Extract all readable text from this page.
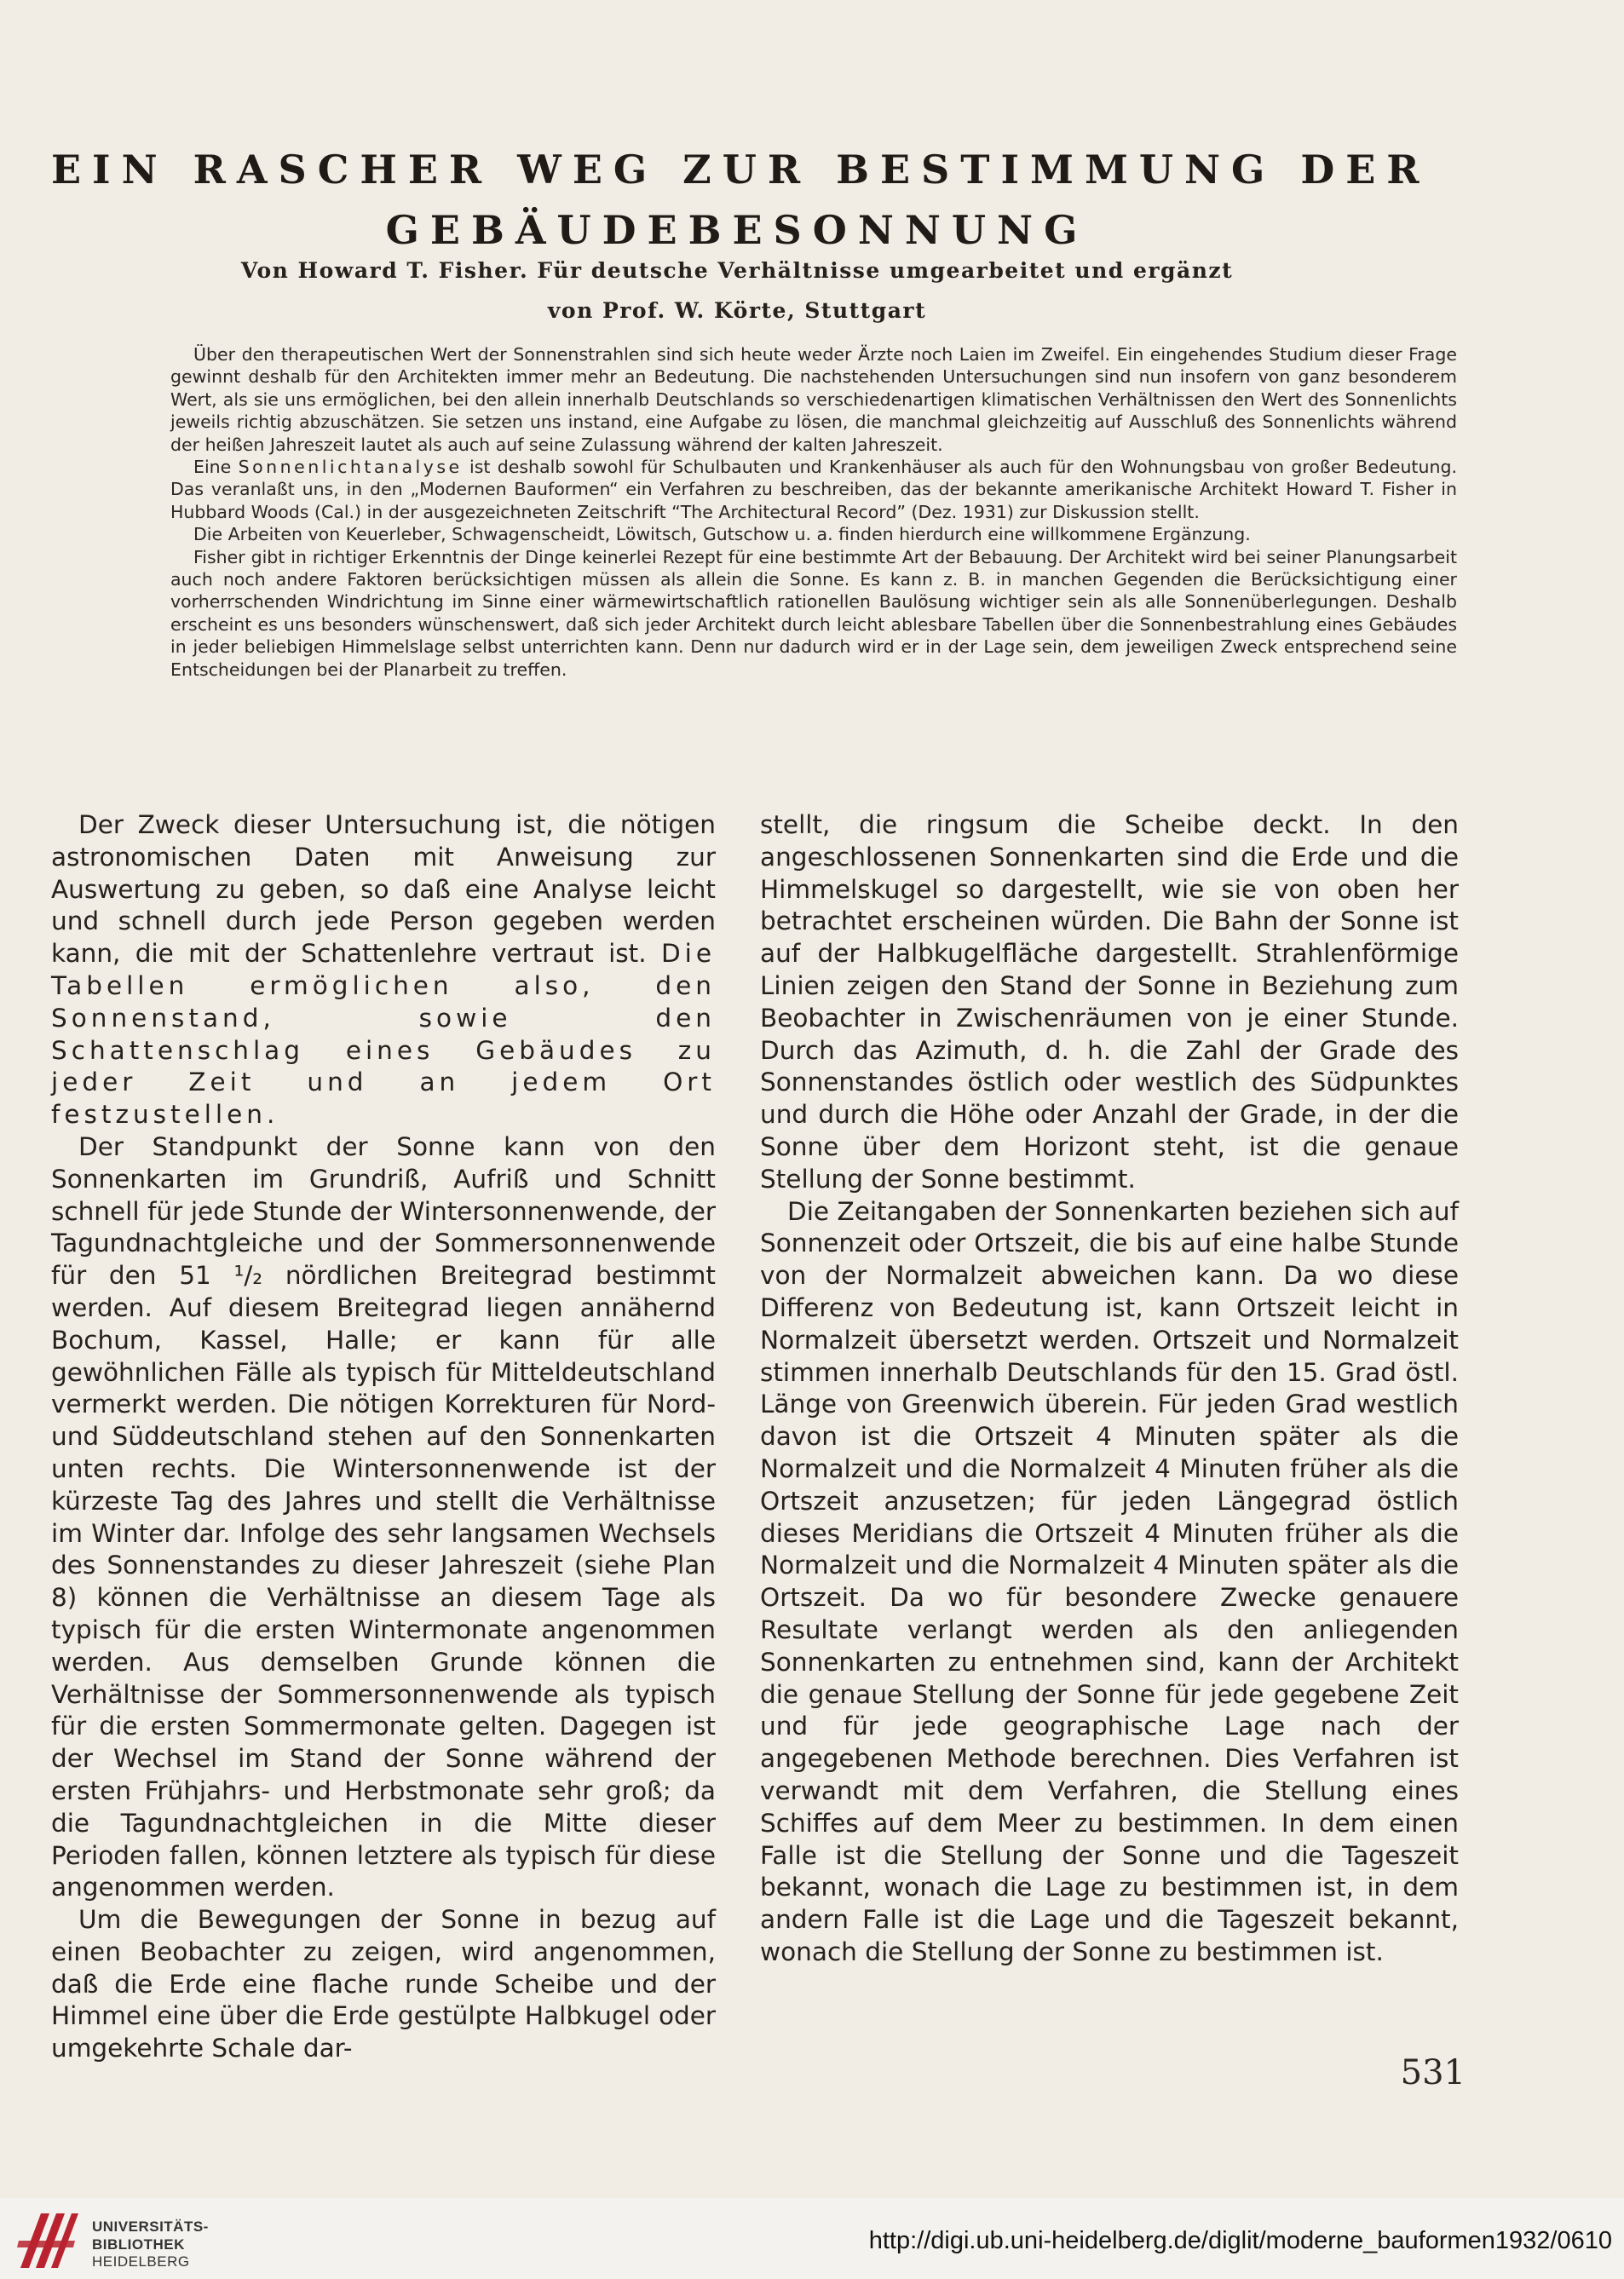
EIN RASCHER WEG ZUR BESTIMMUNG DER
GEBÄUDEBESONNUNG
Von Howard T. Fisher. Für deutsche Verhältnisse umgearbeitet und ergänzt
von Prof. W. Körte, Stuttgart

Über den therapeutischen Wert der Sonnenstrahlen sind sich heute weder Ärzte noch Laien im Zweifel. Ein eingehendes Studium dieser Frage gewinnt deshalb für den Architekten immer mehr an Bedeutung. Die nachstehenden Untersuchungen sind nun insofern von ganz besonderem Wert, als sie uns ermöglichen, bei den allein innerhalb Deutschlands so verschiedenartigen klimatischen Verhältnissen den Wert des Sonnenlichts jeweils richtig abzuschätzen. Sie setzen uns instand, eine Aufgabe zu lösen, die manchmal gleichzeitig auf Ausschluß des Sonnenlichts während der heißen Jahreszeit lautet als auch auf seine Zulassung während der kalten Jahreszeit.

Eine Sonnenlichtanalyse ist deshalb sowohl für Schulbauten und Krankenhäuser als auch für den Wohnungsbau von großer Bedeutung. Das veranlaßt uns, in den „Modernen Bauformen“ ein Verfahren zu beschreiben, das der bekannte amerikanische Architekt Howard T. Fisher in Hubbard Woods (Cal.) in der ausgezeichneten Zeitschrift “The Architectural Record” (Dez. 1931) zur Diskussion stellt.

Die Arbeiten von Keuerleber, Schwagenscheidt, Löwitsch, Gutschow u. a. finden hierdurch eine willkommene Ergänzung.

Fisher gibt in richtiger Erkenntnis der Dinge keinerlei Rezept für eine bestimmte Art der Bebauung. Der Architekt wird bei seiner Planungsarbeit auch noch andere Faktoren berücksichtigen müssen als allein die Sonne. Es kann z. B. in manchen Gegenden die Berücksichtigung einer vorherrschenden Windrichtung im Sinne einer wärmewirtschaftlich rationellen Baulösung wichtiger sein als alle Sonnenüberlegungen. Deshalb erscheint es uns besonders wünschenswert, daß sich jeder Architekt durch leicht ablesbare Tabellen über die Sonnenbestrahlung eines Gebäudes in jeder beliebigen Himmelslage selbst unterrichten kann. Denn nur dadurch wird er in der Lage sein, dem jeweiligen Zweck entsprechend seine Entscheidungen bei der Planarbeit zu treffen.

Der Zweck dieser Untersuchung ist, die nötigen astronomischen Daten mit Anweisung zur Auswertung zu geben, so daß eine Analyse leicht und schnell durch jede Person gegeben werden kann, die mit der Schattenlehre vertraut ist. Die Tabellen ermöglichen also, den Sonnenstand, sowie den Schattenschlag eines Gebäudes zu jeder Zeit und an jedem Ort festzustellen.

Der Standpunkt der Sonne kann von den Sonnenkarten im Grundriß, Aufriß und Schnitt schnell für jede Stunde der Wintersonnenwende, der Tagundnachtgleiche und der Sommersonnenwende für den 51 ¹/₂ nördlichen Breitegrad bestimmt werden. Auf diesem Breitegrad liegen annähernd Bochum, Kassel, Halle; er kann für alle gewöhnlichen Fälle als typisch für Mitteldeutschland vermerkt werden. Die nötigen Korrekturen für Nord- und Süddeutschland stehen auf den Sonnenkarten unten rechts. Die Wintersonnenwende ist der kürzeste Tag des Jahres und stellt die Verhältnisse im Winter dar. Infolge des sehr langsamen Wechsels des Sonnenstandes zu dieser Jahreszeit (siehe Plan 8) können die Verhältnisse an diesem Tage als typisch für die ersten Wintermonate angenommen werden. Aus demselben Grunde können die Verhältnisse der Sommersonnenwende als typisch für die ersten Sommermonate gelten. Dagegen ist der Wechsel im Stand der Sonne während der ersten Frühjahrs- und Herbstmonate sehr groß; da die Tagundnachtgleichen in die Mitte dieser Perioden fallen, können letztere als typisch für diese angenommen werden.

Um die Bewegungen der Sonne in bezug auf einen Beobachter zu zeigen, wird angenommen, daß die Erde eine flache runde Scheibe und der Himmel eine über die Erde gestülpte Halbkugel oder umgekehrte Schale dar-

stellt, die ringsum die Scheibe deckt. In den angeschlossenen Sonnenkarten sind die Erde und die Himmelskugel so dargestellt, wie sie von oben her betrachtet erscheinen würden. Die Bahn der Sonne ist auf der Halbkugelfläche dargestellt. Strahlenförmige Linien zeigen den Stand der Sonne in Beziehung zum Beobachter in Zwischenräumen von je einer Stunde. Durch das Azimuth, d. h. die Zahl der Grade des Sonnenstandes östlich oder westlich des Südpunktes und durch die Höhe oder Anzahl der Grade, in der die Sonne über dem Horizont steht, ist die genaue Stellung der Sonne bestimmt.

Die Zeitangaben der Sonnenkarten beziehen sich auf Sonnenzeit oder Ortszeit, die bis auf eine halbe Stunde von der Normalzeit abweichen kann. Da wo diese Differenz von Bedeutung ist, kann Ortszeit leicht in Normalzeit übersetzt werden. Ortszeit und Normalzeit stimmen innerhalb Deutschlands für den 15. Grad östl. Länge von Greenwich überein. Für jeden Grad westlich davon ist die Ortszeit 4 Minuten später als die Normalzeit und die Normalzeit 4 Minuten früher als die Ortszeit anzusetzen; für jeden Längegrad östlich dieses Meridians die Ortszeit 4 Minuten früher als die Normalzeit und die Normalzeit 4 Minuten später als die Ortszeit. Da wo für besondere Zwecke genauere Resultate verlangt werden als den anliegenden Sonnenkarten zu entnehmen sind, kann der Architekt die genaue Stellung der Sonne für jede gegebene Zeit und für jede geographische Lage nach der angegebenen Methode berechnen. Dies Verfahren ist verwandt mit dem Verfahren, die Stellung eines Schiffes auf dem Meer zu bestimmen. In dem einen Falle ist die Stellung der Sonne und die Tageszeit bekannt, wonach die Lage zu bestimmen ist, in dem andern Falle ist die Lage und die Tageszeit bekannt, wonach die Stellung der Sonne zu bestimmen ist.

531
UNIVERSITÄTS-
BIBLIOTHEK
HEIDELBERG
http://digi.ub.uni-heidelberg.de/diglit/moderne_bauformen1932/0610
